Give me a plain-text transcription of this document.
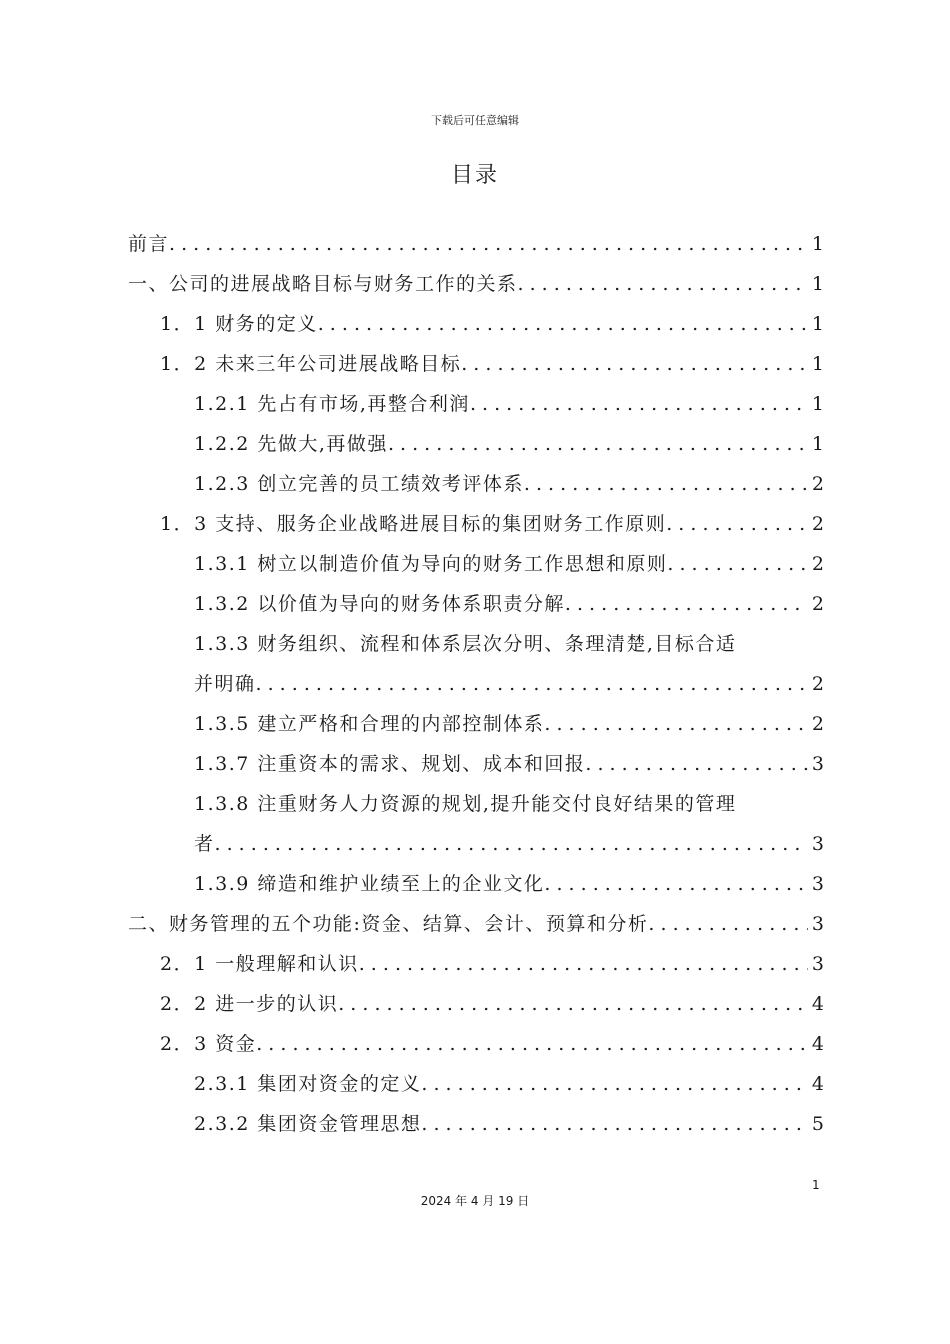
下载后可任意编辑
目录
前言 . . .	1
一、公司的进展战略目标与财务工作的关系 . . .	1
1．1 财务的定义 . . .	1
1．2 未来三年公司进展战略目标 . . .	1
1.2.1 先占有市场,再整合利润 . . .	1
1.2.2 先做大,再做强 . . .	1
1.2.3 创立完善的员工绩效考评体系 . . .	2
1．3 支持、服务企业战略进展目标的集团财务工作原则 . . .	2
1.3.1 树立以制造价值为导向的财务工作思想和原则 . . .	2
1.3.2 以价值为导向的财务体系职责分解 . . .	2
1.3.3 财务组织、流程和体系层次分明、条理清楚,目标合适
并明确 . . .	2
1.3.5 建立严格和合理的内部控制体系 . . .	2
1.3.7 注重资本的需求、规划、成本和回报 . . .	3
1.3.8 注重财务人力资源的规划,提升能交付良好结果的管理
者 . . .	3
1.3.9 缔造和维护业绩至上的企业文化 . . .	3
二、财务管理的五个功能:资金、结算、会计、预算和分析 . . .	3
2．1 一般理解和认识 . . .	3
2．2 进一步的认识 . . .	4
2．3 资金 . . .	4
2.3.1 集团对资金的定义 . . .	4
2.3.2 集团资金管理思想 . . .	5
1
2024 年 4 月 19 日
